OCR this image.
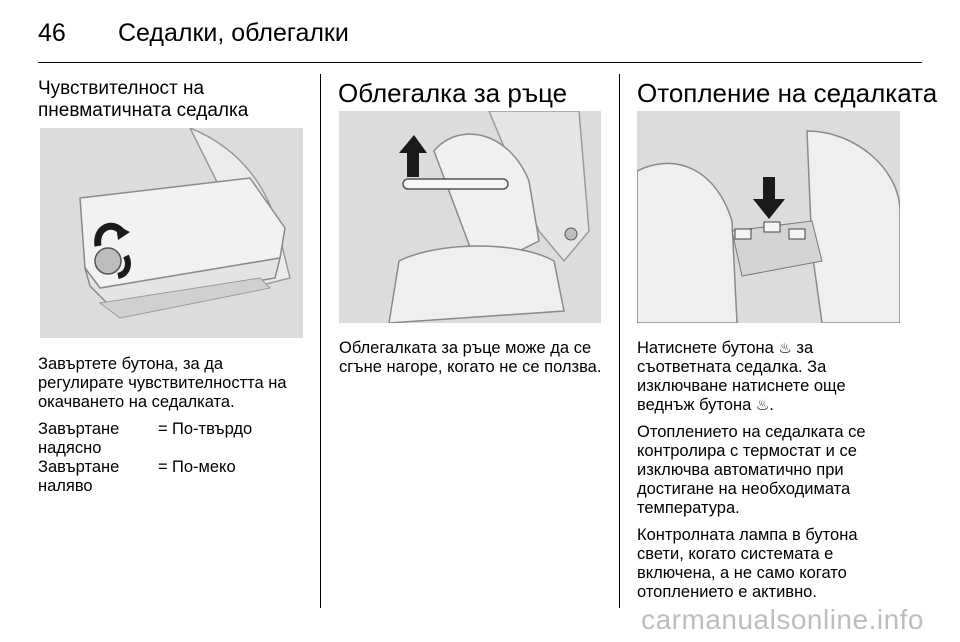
46 Седалки, облегалки
Чувствителност на пневматичната седалка

Завъртете бутона, за да регулирате чувствителността на окачването на седалката.

Завъртане надясно
= По-твърдо
Завъртане наляво
= По-меко
Облегалка за ръце

Облегалката за ръце може да се сгъне нагоре, когато не се ползва.

Отопление на седалката

Натиснете бутона ♨ за съответната седалка. За изключване натиснете още веднъж бутона ♨.

Отоплението на седалката се контролира с термостат и се изключва автоматично при достигане на необходимата температура.

Контролната лампа в бутона свети, когато системата е включена, а не само когато отоплението е активно.

carmanualsonline.info
